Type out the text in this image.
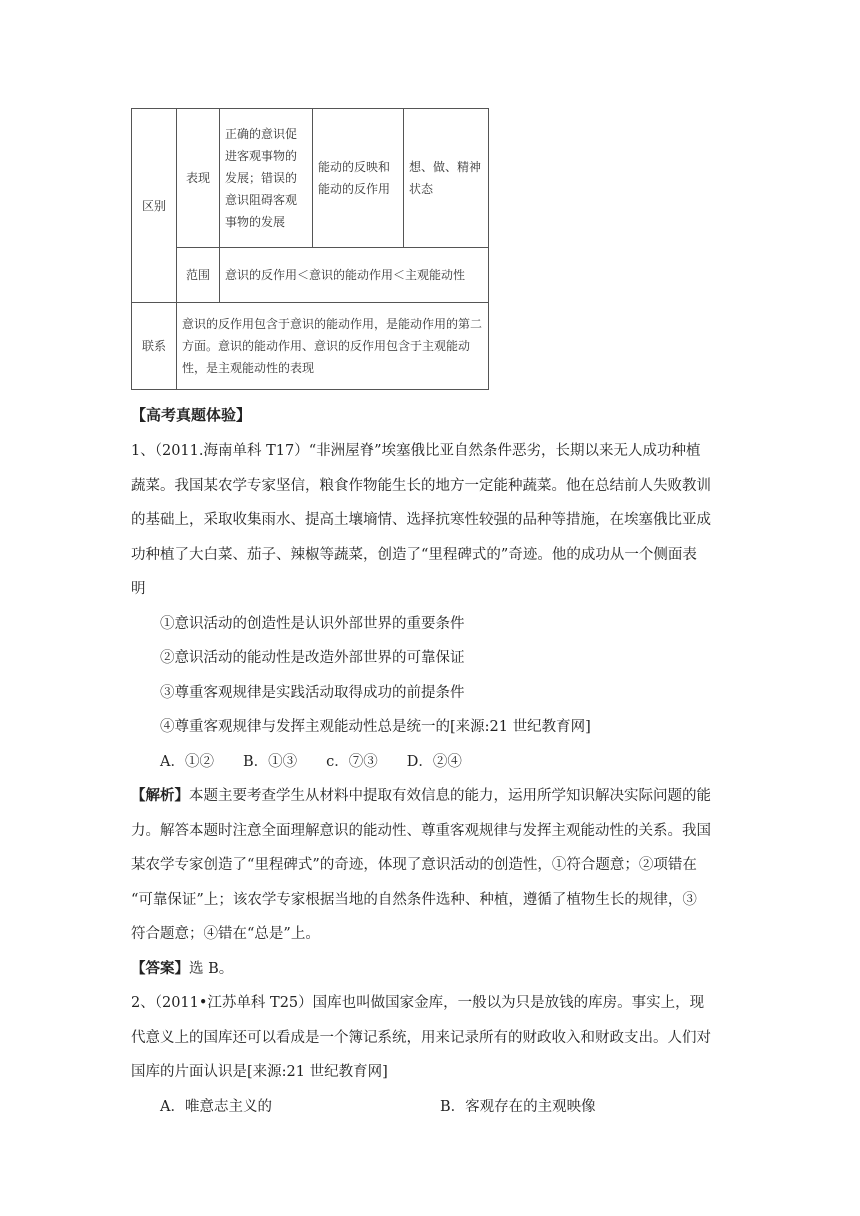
区别	表现	正确的意识促进客观事物的发展；错误的意识阻碍客观事物的发展	能动的反映和能动的反作用	想、做、精神状态
	范围	意识的反作用＜意识的能动作用＜主观能动性		
联系	意识的反作用包含于意识的能动作用，是能动作用的第二方面。意识的能动作用、意识的反作用包含于主观能动性，是主观能动性的表现			
【高考真题体验】
1、（2011.海南单科 T17）“非洲屋脊”埃塞俄比亚自然条件恶劣，长期以来无人成功种植
蔬菜。我国某农学专家坚信，粮食作物能生长的地方一定能种蔬菜。他在总结前人失败教训
的基础上，采取收集雨水、提高土壤墒情、选择抗寒性较强的品种等措施，在埃塞俄比亚成
功种植了大白菜、茄子、辣椒等蔬菜，创造了“里程碑式的”奇迹。他的成功从一个侧面表
明
①意识活动的创造性是认识外部世界的重要条件
②意识活动的能动性是改造外部世界的可靠保证
③尊重客观规律是实践活动取得成功的前提条件
④尊重客观规律与发挥主观能动性总是统一的[来源:21 世纪教育网]
A．①②　　B．①③　　c．⑦③　　D．②④
【解析】本题主要考查学生从材料中提取有效信息的能力，运用所学知识解决实际问题的能
力。解答本题时注意全面理解意识的能动性、尊重客观规律与发挥主观能动性的关系。我国
某农学专家创造了“里程碑式”的奇迹，体现了意识活动的创造性，①符合题意；②项错在
“可靠保证”上；该农学专家根据当地的自然条件选种、种植，遵循了植物生长的规律，③
符合题意；④错在“总是”上。
【答案】选 B。
2、（2011•江苏单科 T25）国库也叫做国家金库，一般以为只是放钱的库房。事实上，现
代意义上的国库还可以看成是一个簿记系统，用来记录所有的财政收入和财政支出。人们对
国库的片面认识是[来源:21 世纪教育网]
A．唯意志主义的	B．客观存在的主观映像
